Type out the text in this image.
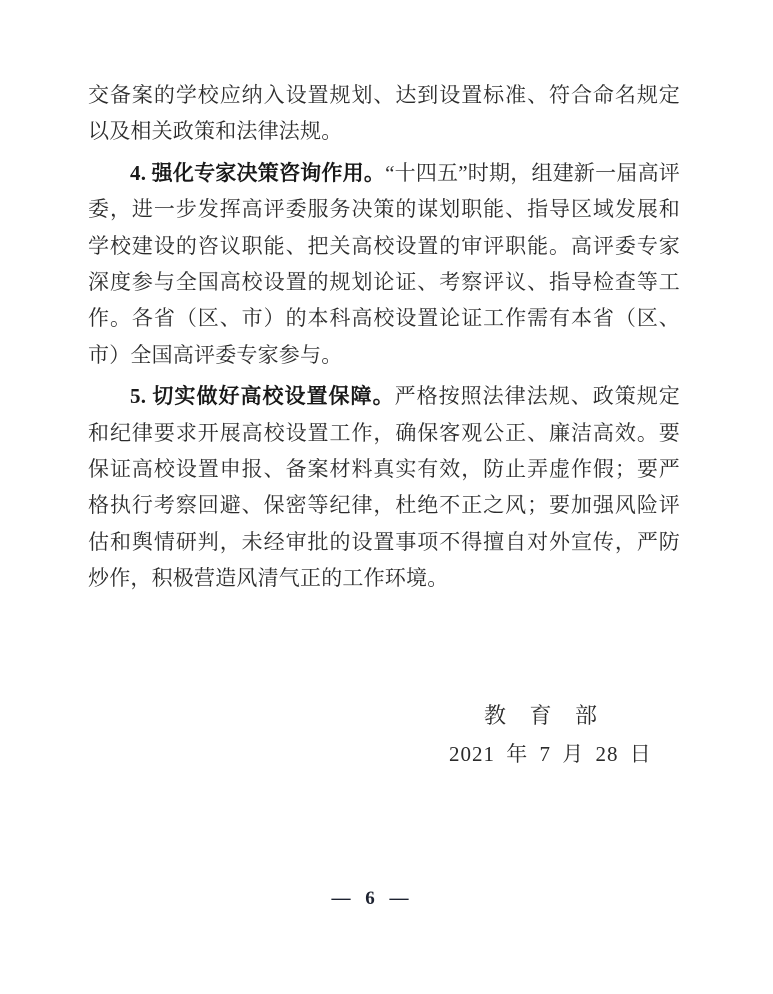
交备案的学校应纳入设置规划、达到设置标准、符合命名规定以及相关政策和法律法规。

4. 强化专家决策咨询作用。“十四五”时期，组建新一届高评委，进一步发挥高评委服务决策的谋划职能、指导区域发展和学校建设的咨议职能、把关高校设置的审评职能。高评委专家深度参与全国高校设置的规划论证、考察评议、指导检查等工作。各省（区、市）的本科高校设置论证工作需有本省（区、市）全国高评委专家参与。

5. 切实做好高校设置保障。严格按照法律法规、政策规定和纪律要求开展高校设置工作，确保客观公正、廉洁高效。要保证高校设置申报、备案材料真实有效，防止弄虚作假；要严格执行考察回避、保密等纪律，杜绝不正之风；要加强风险评估和舆情研判，未经审批的设置事项不得擅自对外宣传，严防炒作，积极营造风清气正的工作环境。

教 育 部
2021 年 7 月 28 日
— 6 —
